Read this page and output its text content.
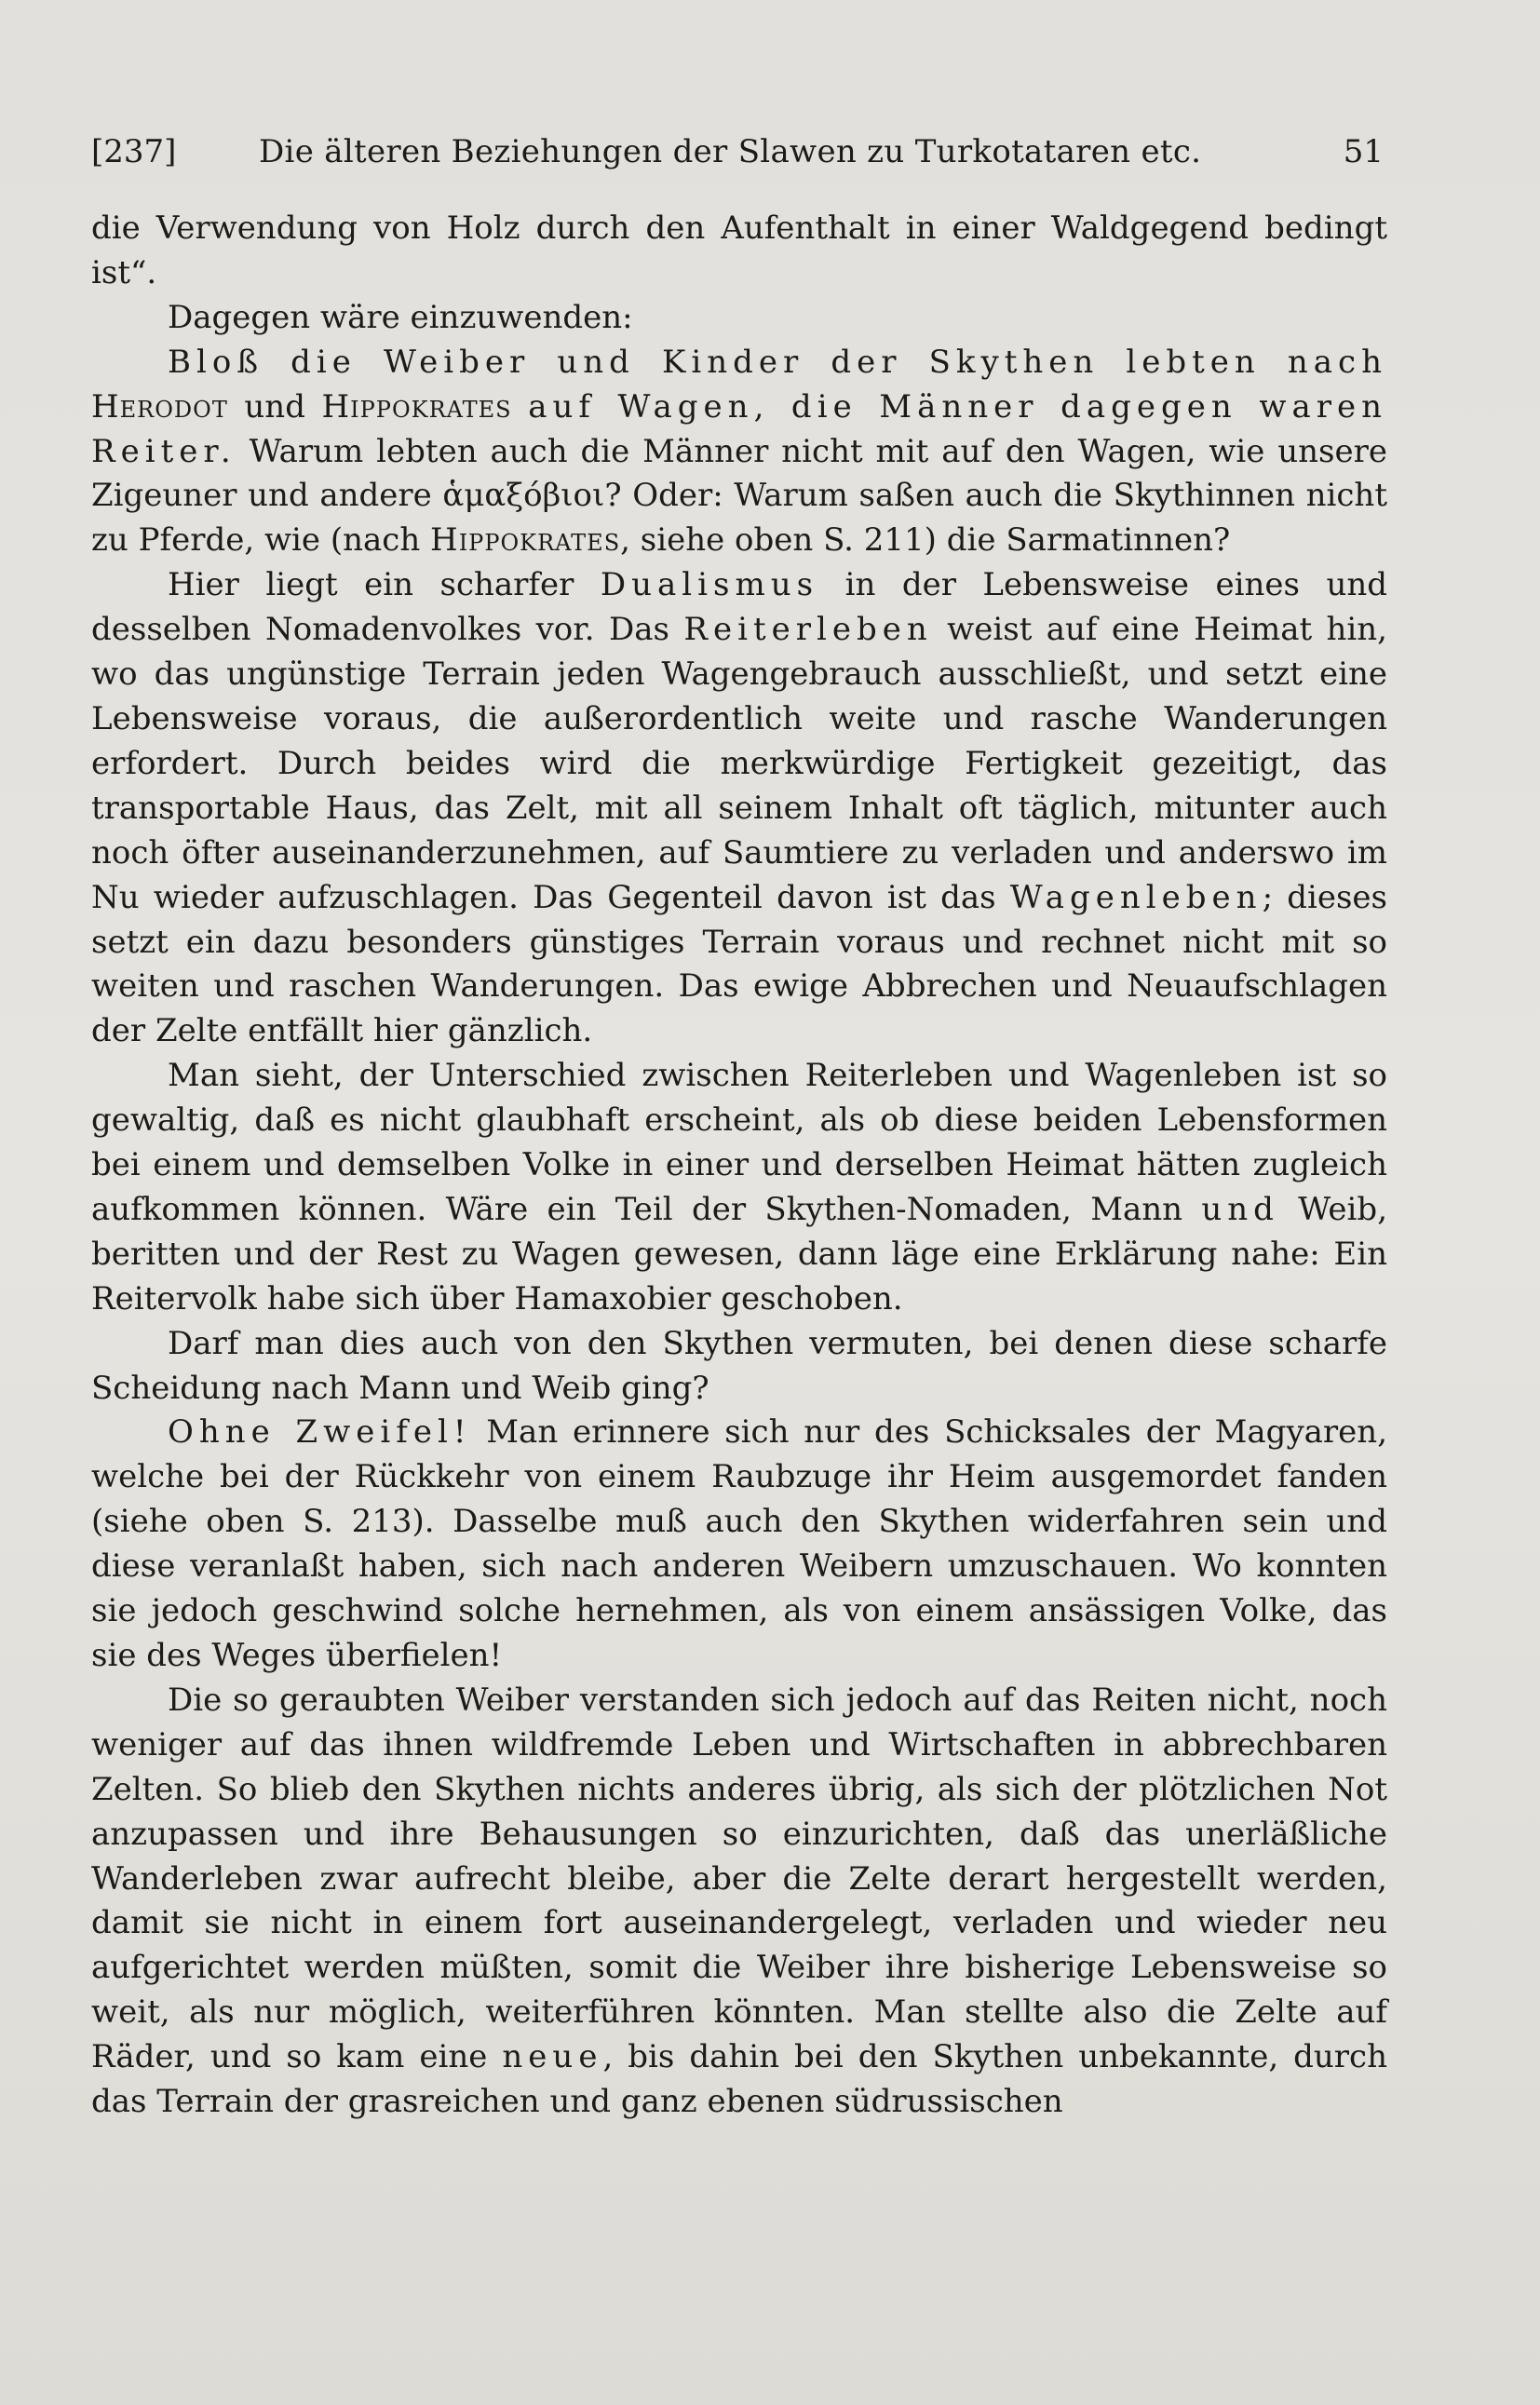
[237]	Die älteren Beziehungen der Slawen zu Turkotataren etc.	51

die Verwendung von Holz durch den Aufenthalt in einer Waldgegend bedingt ist“.

Dagegen wäre einzuwenden:

Bloß die Weiber und Kinder der Skythen lebten nach Herodot und Hippokrates auf Wagen, die Männer dagegen waren Reiter. Warum lebten auch die Männer nicht mit auf den Wagen, wie unsere Zigeuner und andere ἁμαξόβιοι? Oder: Warum saßen auch die Skythinnen nicht zu Pferde, wie (nach Hippokrates, siehe oben S. 211) die Sarmatinnen?

Hier liegt ein scharfer Dualismus in der Lebensweise eines und desselben Nomadenvolkes vor. Das Reiterleben weist auf eine Heimat hin, wo das ungünstige Terrain jeden Wagengebrauch ausschließt, und setzt eine Lebensweise voraus, die außerordentlich weite und rasche Wanderungen erfordert. Durch beides wird die merkwürdige Fertigkeit gezeitigt, das transportable Haus, das Zelt, mit all seinem Inhalt oft täglich, mitunter auch noch öfter auseinanderzunehmen, auf Saumtiere zu verladen und anderswo im Nu wieder aufzuschlagen. Das Gegenteil davon ist das Wagenleben; dieses setzt ein dazu besonders günstiges Terrain voraus und rechnet nicht mit so weiten und raschen Wanderungen. Das ewige Abbrechen und Neuaufschlagen der Zelte entfällt hier gänzlich.

Man sieht, der Unterschied zwischen Reiterleben und Wagenleben ist so gewaltig, daß es nicht glaubhaft erscheint, als ob diese beiden Lebensformen bei einem und demselben Volke in einer und derselben Heimat hätten zugleich aufkommen können. Wäre ein Teil der Skythen-Nomaden, Mann und Weib, beritten und der Rest zu Wagen gewesen, dann läge eine Erklärung nahe: Ein Reitervolk habe sich über Hamaxobier geschoben.

Darf man dies auch von den Skythen vermuten, bei denen diese scharfe Scheidung nach Mann und Weib ging?

Ohne Zweifel! Man erinnere sich nur des Schicksales der Magyaren, welche bei der Rückkehr von einem Raubzuge ihr Heim ausgemordet fanden (siehe oben S. 213). Dasselbe muß auch den Skythen widerfahren sein und diese veranlaßt haben, sich nach anderen Weibern umzuschauen. Wo konnten sie jedoch geschwind solche hernehmen, als von einem ansässigen Volke, das sie des Weges überfielen!

Die so geraubten Weiber verstanden sich jedoch auf das Reiten nicht, noch weniger auf das ihnen wildfremde Leben und Wirtschaften in abbrechbaren Zelten. So blieb den Skythen nichts anderes übrig, als sich der plötzlichen Not anzupassen und ihre Behausungen so einzurichten, daß das unerläßliche Wanderleben zwar aufrecht bleibe, aber die Zelte derart hergestellt werden, damit sie nicht in einem fort auseinandergelegt, verladen und wieder neu aufgerichtet werden müßten, somit die Weiber ihre bisherige Lebensweise so weit, als nur möglich, weiterführen könnten. Man stellte also die Zelte auf Räder, und so kam eine neue, bis dahin bei den Skythen unbekannte, durch das Terrain der grasreichen und ganz ebenen südrussischen
